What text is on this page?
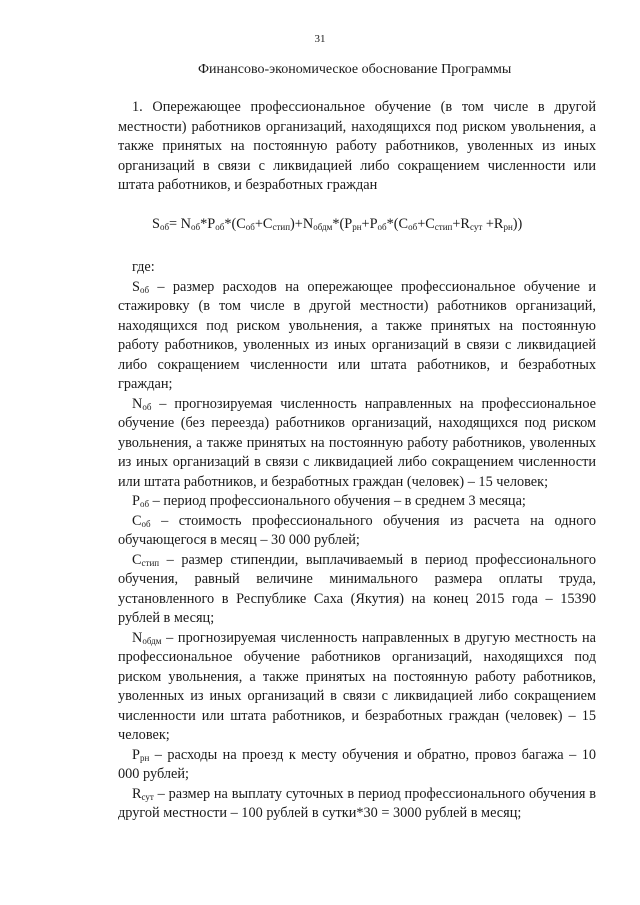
31
Финансово-экономическое обоснование Программы

1. Опережающее профессиональное обучение (в том числе в другой местности) работников организаций, находящихся под риском увольнения, а также принятых на постоянную работу работников, уволенных из иных организаций в связи с ликвидацией либо сокращением численности или штата работников, и безработных граждан

$S_{об}= N_{об}*P_{об}*(C_{об}+C_{стип})+N_{обдм}*(P_{рн}+P_{об}*(C_{об}+C_{стип}+R_{сут} +R_{рн}))$

где:

$S_{об}$ – размер расходов на опережающее профессиональное обучение и стажировку (в том числе в другой местности) работников организаций, находящихся под риском увольнения, а также принятых на постоянную работу работников, уволенных из иных организаций в связи с ликвидацией либо сокращением численности или штата работников, и безработных граждан;

$N_{об}$ – прогнозируемая численность направленных на профессиональное обучение (без переезда) работников организаций, находящихся под риском увольнения, а также принятых на постоянную работу работников, уволенных из иных организаций в связи с ликвидацией либо сокращением численности или штата работников, и безработных граждан (человек) – 15 человек;

$P_{об}$ – период профессионального обучения – в среднем 3 месяца;

$C_{об}$ – стоимость профессионального обучения из расчета на одного обучающегося в месяц – 30 000 рублей;

$C_{стип}$ – размер стипендии, выплачиваемый в период профессионального обучения, равный величине минимального размера оплаты труда, установленного в Республике Саха (Якутия) на конец 2015 года – 15390 рублей в месяц;

$N_{обдм}$ – прогнозируемая численность направленных в другую местность на профессиональное обучение работников организаций, находящихся под риском увольнения, а также принятых на постоянную работу работников, уволенных из иных организаций в связи с ликвидацией либо сокращением численности или штата работников, и безработных граждан (человек) – 15 человек;

$P_{рн}$ – расходы на проезд к месту обучения и обратно, провоз багажа – 10 000 рублей;

$R_{сут}$ – размер на выплату суточных в период профессионального обучения в другой местности – 100 рублей в сутки*30 = 3000 рублей в месяц;
